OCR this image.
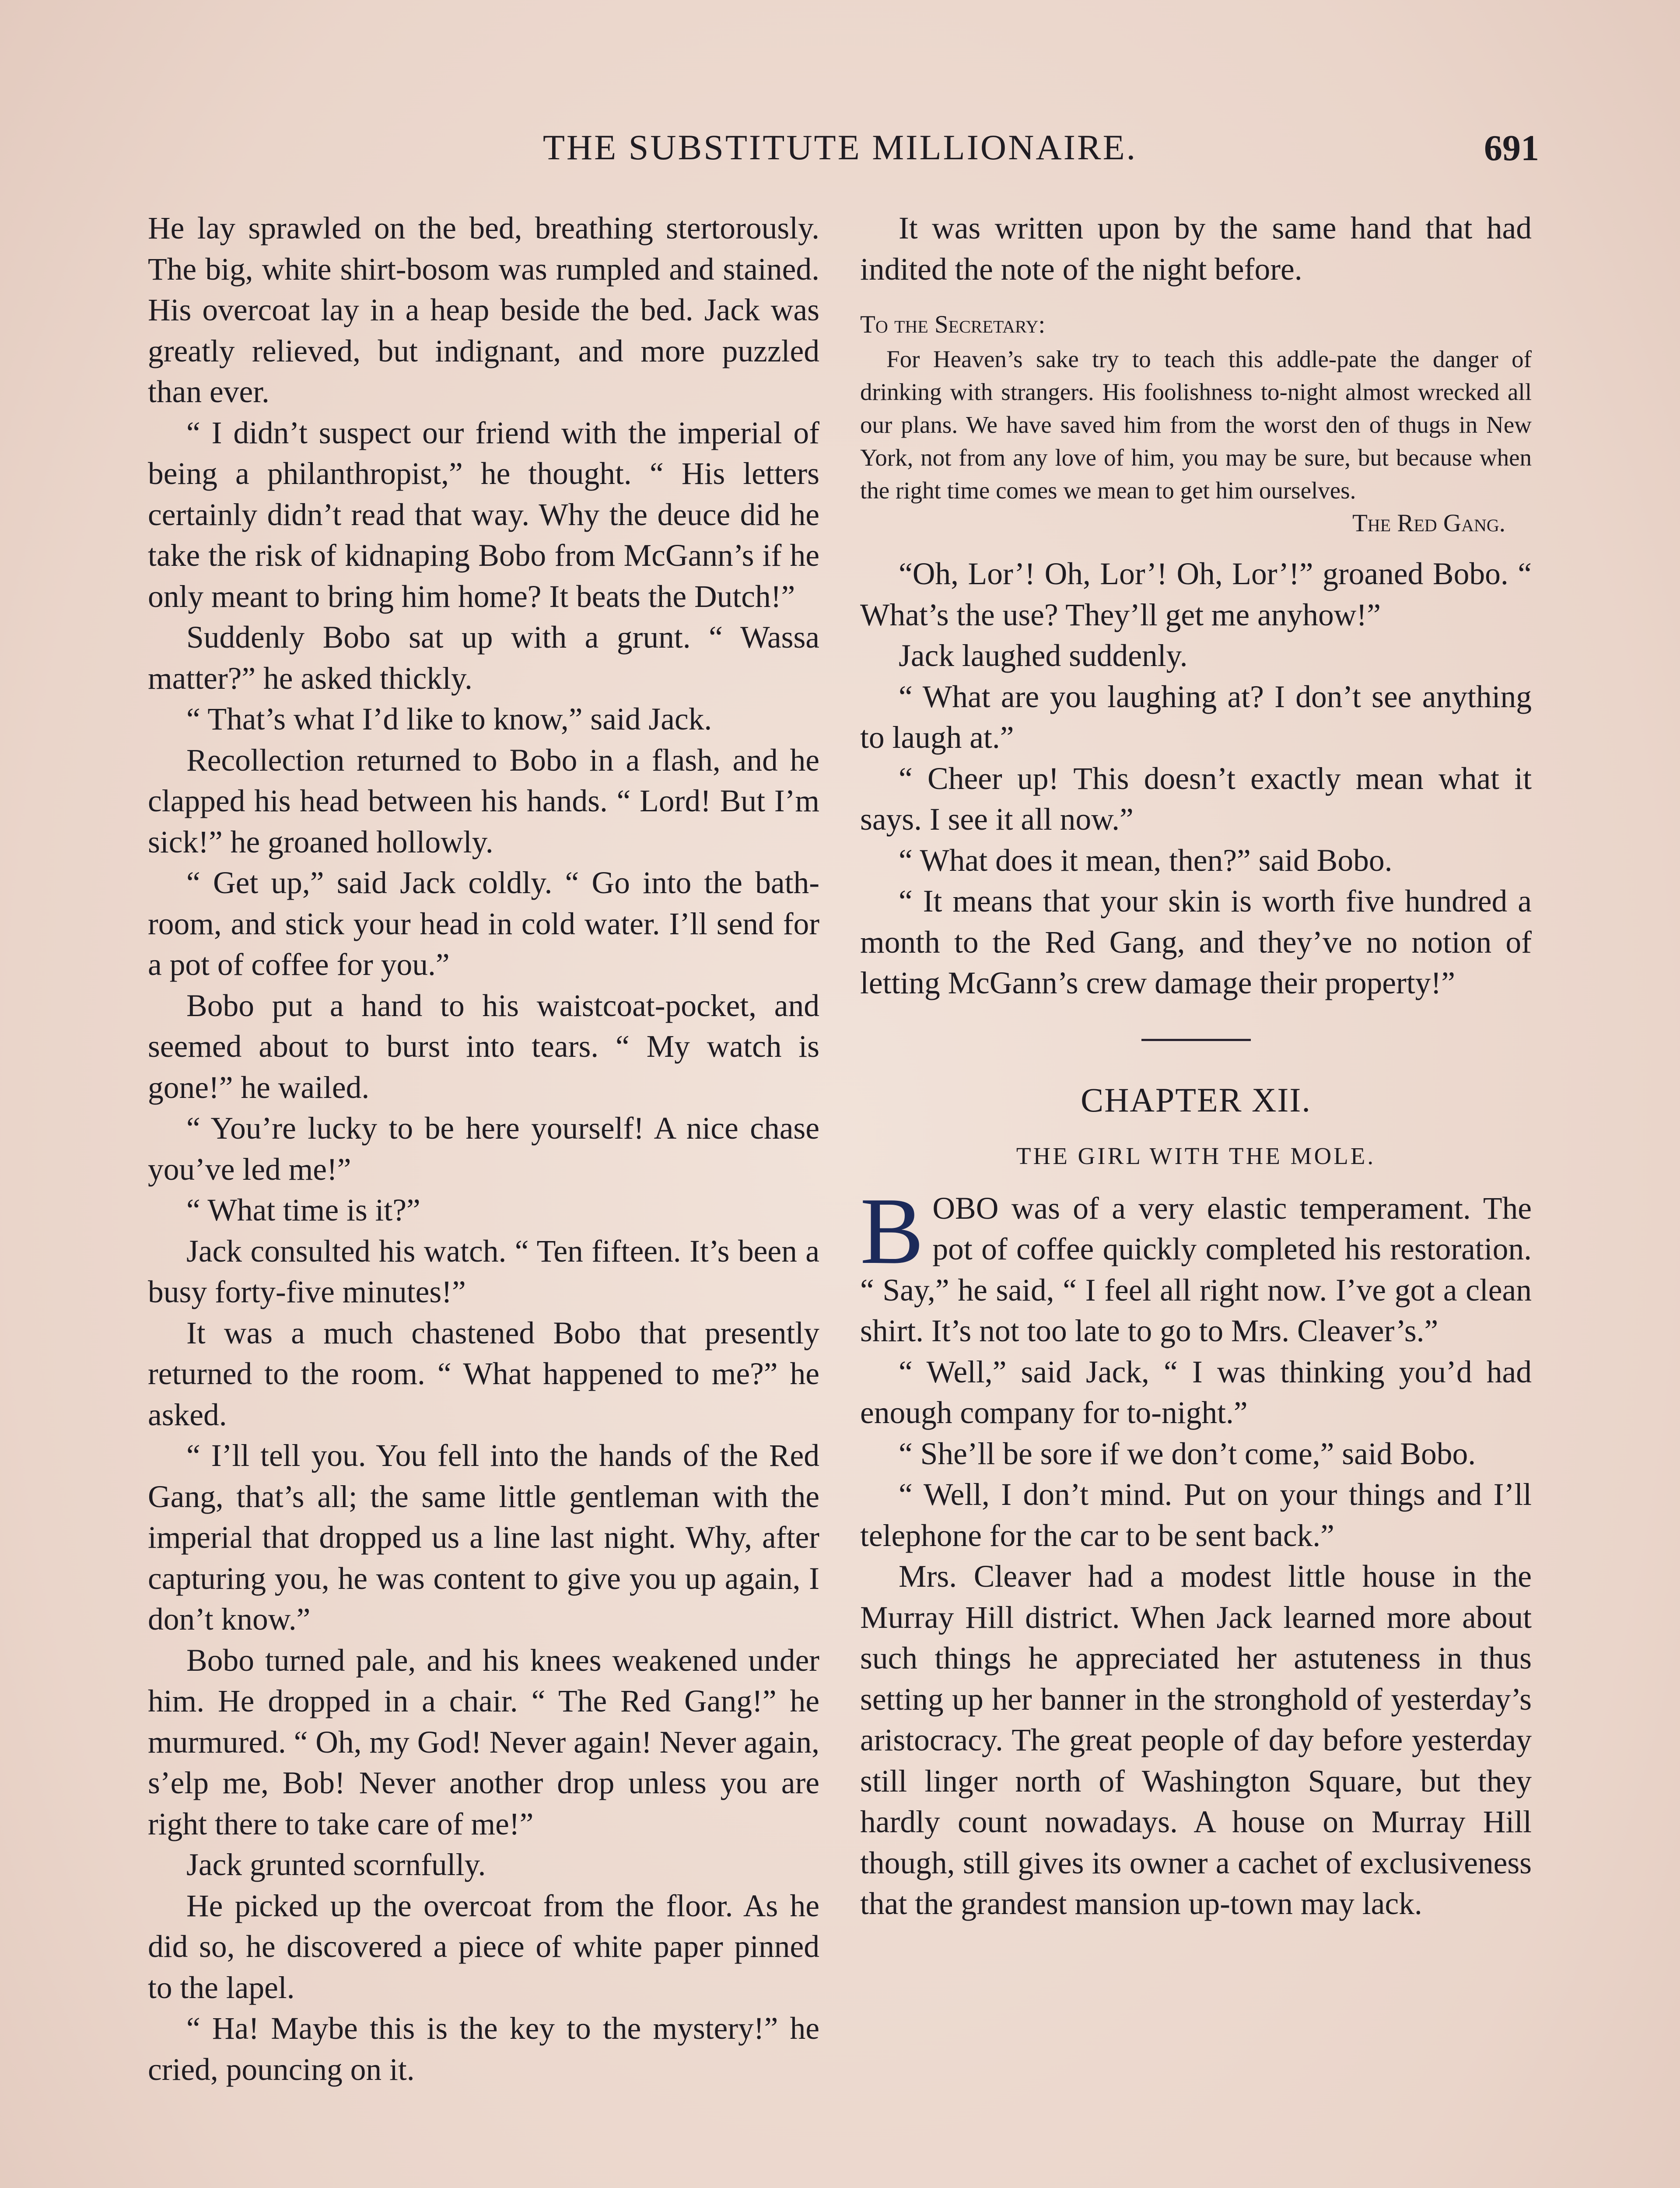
THE SUBSTITUTE MILLIONAIRE.	691

He lay sprawled on the bed, breathing stertorously. The big, white shirt-bosom was rumpled and stained. His overcoat lay in a heap beside the bed. Jack was greatly relieved, but indignant, and more puzzled than ever.

“ I didn’t suspect our friend with the imperial of being a philanthropist,” he thought. “ His letters certainly didn’t read that way. Why the deuce did he take the risk of kidnaping Bobo from McGann’s if he only meant to bring him home? It beats the Dutch!”

Suddenly Bobo sat up with a grunt. “ Wassa matter?” he asked thickly.

“ That’s what I’d like to know,” said Jack.

Recollection returned to Bobo in a flash, and he clapped his head between his hands. “ Lord! But I’m sick!” he groaned hollowly.

“ Get up,” said Jack coldly. “ Go into the bath-room, and stick your head in cold water. I’ll send for a pot of coffee for you.”

Bobo put a hand to his waistcoat-pocket, and seemed about to burst into tears. “ My watch is gone!” he wailed.

“ You’re lucky to be here yourself! A nice chase you’ve led me!”

“ What time is it?”

Jack consulted his watch. “ Ten fifteen. It’s been a busy forty-five minutes!”

It was a much chastened Bobo that presently returned to the room. “ What happened to me?” he asked.

“ I’ll tell you. You fell into the hands of the Red Gang, that’s all; the same little gentleman with the imperial that dropped us a line last night. Why, after capturing you, he was content to give you up again, I don’t know.”

Bobo turned pale, and his knees weakened under him. He dropped in a chair. “ The Red Gang!” he murmured. “ Oh, my God! Never again! Never again, s’elp me, Bob! Never another drop unless you are right there to take care of me!”

Jack grunted scornfully.

He picked up the overcoat from the floor. As he did so, he discovered a piece of white paper pinned to the lapel.

“ Ha! Maybe this is the key to the mystery!” he cried, pouncing on it.

It was written upon by the same hand that had indited the note of the night before.

To the Secretary:
For Heaven’s sake try to teach this addle-pate the danger of drinking with strangers. His foolishness to-night almost wrecked all our plans. We have saved him from the worst den of thugs in New York, not from any love of him, you may be sure, but because when the right time comes we mean to get him ourselves.
The Red Gang.

“Oh, Lor’! Oh, Lor’! Oh, Lor’!” groaned Bobo. “ What’s the use? They’ll get me anyhow!”

Jack laughed suddenly.

“ What are you laughing at? I don’t see anything to laugh at.”

“ Cheer up! This doesn’t exactly mean what it says. I see it all now.”

“ What does it mean, then?” said Bobo.

“ It means that your skin is worth five hundred a month to the Red Gang, and they’ve no notion of letting McGann’s crew damage their property!”

CHAPTER XII.
THE GIRL WITH THE MOLE.

BOBO was of a very elastic temperament. The pot of coffee quickly completed his restoration. “ Say,” he said, “ I feel all right now. I’ve got a clean shirt. It’s not too late to go to Mrs. Cleaver’s.”

“ Well,” said Jack, “ I was thinking you’d had enough company for to-night.”

“ She’ll be sore if we don’t come,” said Bobo.

“ Well, I don’t mind. Put on your things and I’ll telephone for the car to be sent back.”

Mrs. Cleaver had a modest little house in the Murray Hill district. When Jack learned more about such things he appreciated her astuteness in thus setting up her banner in the stronghold of yesterday’s aristocracy. The great people of day before yesterday still linger north of Washington Square, but they hardly count nowadays. A house on Murray Hill though, still gives its owner a cachet of exclusiveness that the grandest mansion up-town may lack.
